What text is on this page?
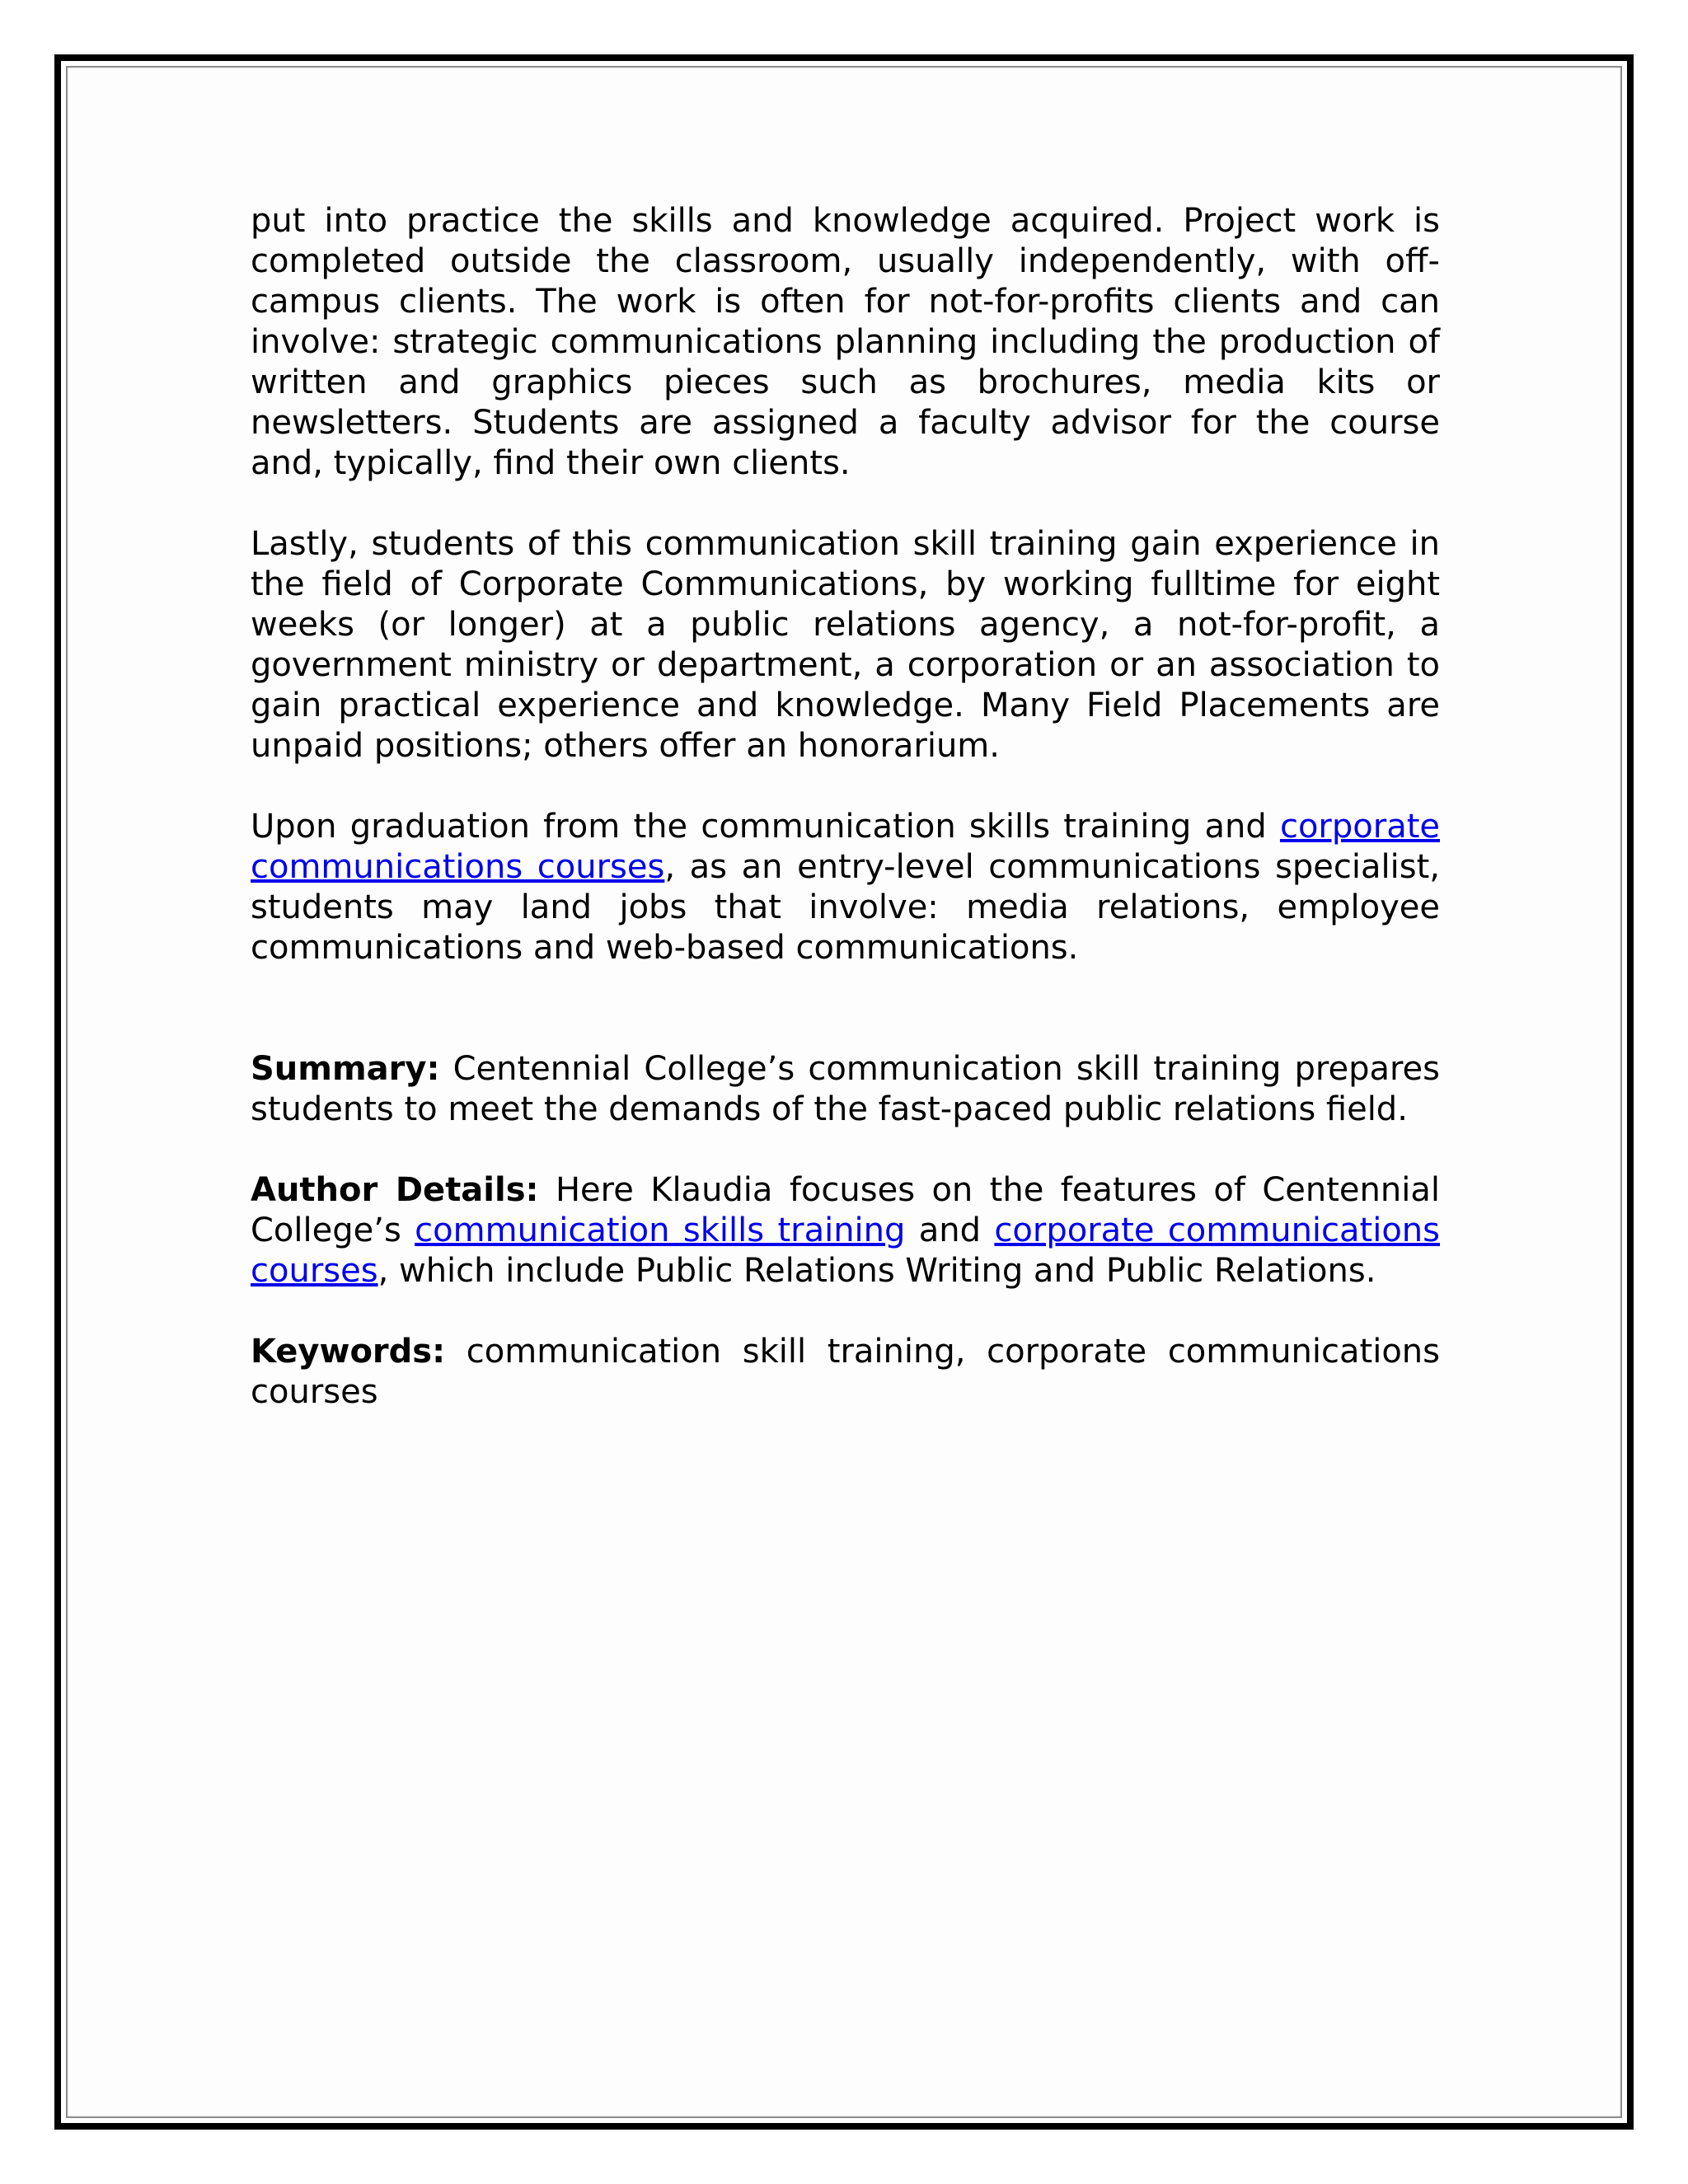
put into practice the skills and knowledge acquired. Project work is completed outside the classroom, usually independently, with off-campus clients. The work is often for not-for-profits clients and can involve: strategic communications planning including the production of written and graphics pieces such as brochures, media kits or newsletters. Students are assigned a faculty advisor for the course and, typically, find their own clients.

Lastly, students of this communication skill training gain experience in the field of Corporate Communications, by working fulltime for eight weeks (or longer) at a public relations agency, a not-for-profit, a government ministry or department, a corporation or an association to gain practical experience and knowledge. Many Field Placements are unpaid positions; others offer an honorarium.

Upon graduation from the communication skills training and corporate communications courses, as an entry-level communications specialist, students may land jobs that involve: media relations, employee communications and web-based communications.

Summary: Centennial College’s communication skill training prepares students to meet the demands of the fast-paced public relations field.

Author Details: Here Klaudia focuses on the features of Centennial College’s communication skills training and corporate communications courses, which include Public Relations Writing and Public Relations.

Keywords: communication skill training, corporate communications courses
